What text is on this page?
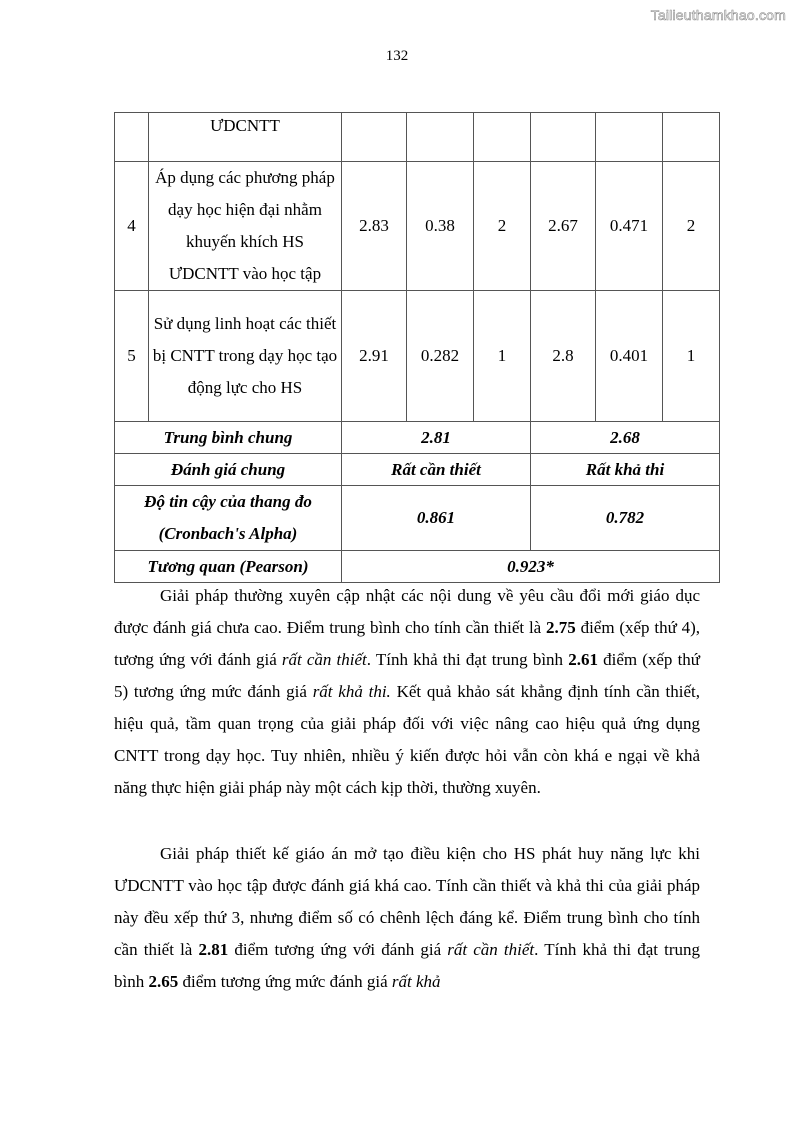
Tailieuthamkhao.com
132
	ƯDCNTT						
4	Áp dụng các phương pháp dạy học hiện đại nhằm khuyến khích HS ƯDCNTT vào học tập	2.83	0.38	2	2.67	0.471	2
5	Sử dụng linh hoạt các thiết bị CNTT trong dạy học tạo động lực cho HS	2.91	0.282	1	2.8	0.401	1
Trung bình chung		2.81			2.68		
Đánh giá chung		Rất cần thiết			Rất khả thi		
Độ tin cậy của thang đo (Cronbach's Alpha)		0.861			0.782		
Tương quan (Pearson)		0.923*					

Giải pháp thường xuyên cập nhật các nội dung về yêu cầu đổi mới giáo dục được đánh giá chưa cao. Điểm trung bình cho tính cần thiết là 2.75 điểm (xếp thứ 4), tương ứng với đánh giá rất cần thiết. Tính khả thi đạt trung bình 2.61 điểm (xếp thứ 5) tương ứng mức đánh giá rất khả thi. Kết quả khảo sát khẳng định tính cần thiết, hiệu quả, tầm quan trọng của giải pháp đối với việc nâng cao hiệu quả ứng dụng CNTT trong dạy học. Tuy nhiên, nhiều ý kiến được hỏi vẫn còn khá e ngại về khả năng thực hiện giải pháp này một cách kịp thời, thường xuyên.

Giải pháp thiết kế giáo án mở tạo điều kiện cho HS phát huy năng lực khi ƯDCNTT vào học tập được đánh giá khá cao. Tính cần thiết và khả thi của giải pháp này đều xếp thứ 3, nhưng điểm số có chênh lệch đáng kể. Điểm trung bình cho tính cần thiết là 2.81 điểm tương ứng với đánh giá rất cần thiết. Tính khả thi đạt trung bình 2.65 điểm tương ứng mức đánh giá rất khả
